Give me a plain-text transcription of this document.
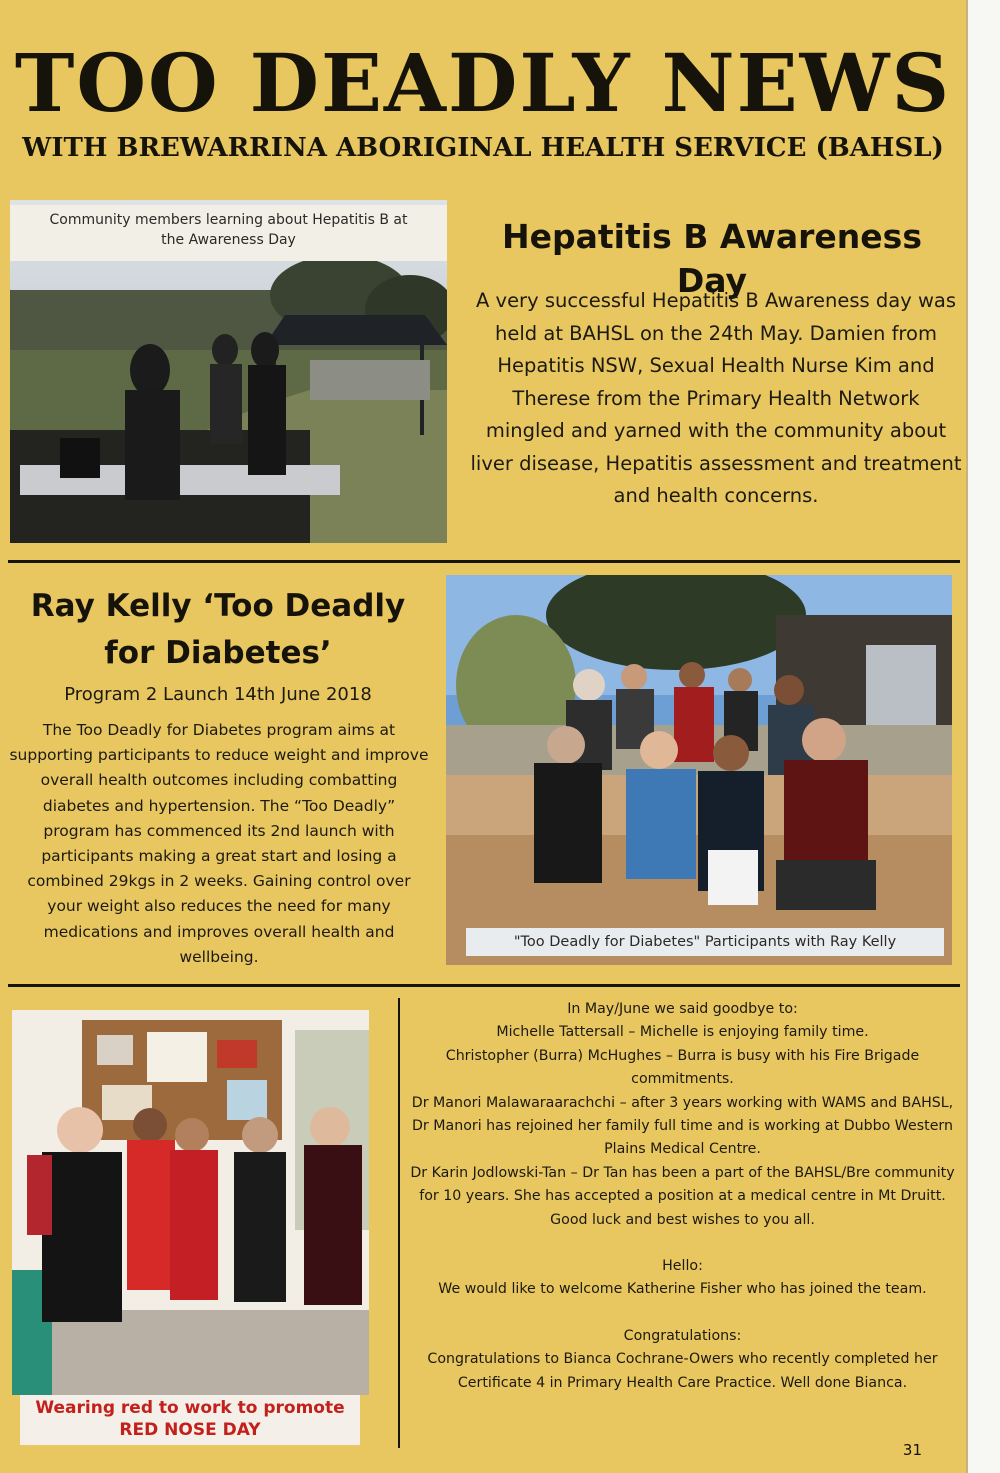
TOO DEADLY NEWS
WITH BREWARRINA ABORIGINAL HEALTH SERVICE (BAHSL)
Community members learning about Hepatitis B at
the Awareness Day	Hepatitis B Awareness Day

A very successful Hepatitis B Awareness day was held at BAHSL on the 24th May. Damien from Hepatitis NSW, Sexual Health Nurse Kim and Therese from the Primary Health Network mingled and yarned with the community about liver disease, Hepatitis assessment and treatment and health concerns.

Ray Kelly ‘Too Deadly
for Diabetes’
Program 2 Launch 14th June 2018

The Too Deadly for Diabetes program aims at supporting participants to reduce weight and improve overall health outcomes including combatting diabetes and hypertension. The “Too Deadly” program has commenced its 2nd launch with participants making a great start and losing a combined 29kgs in 2 weeks. Gaining control over your weight also reduces the need for many medications and improves overall health and wellbeing.

"Too Deadly for Diabetes" Participants with Ray Kelly
Wearing red to work to promote
RED NOSE DAY

In May/June we said goodbye to:

Michelle Tattersall – Michelle is enjoying family time.
Christopher (Burra) McHughes – Burra is busy with his Fire Brigade commitments.
Dr Manori Malawaraarachchi – after 3 years working with WAMS and BAHSL, Dr Manori has rejoined her family full time and is working at Dubbo Western Plains Medical Centre.
Dr Karin Jodlowski-Tan – Dr Tan has been a part of the BAHSL/Bre community for 10 years. She has accepted a position at a medical centre in Mt Druitt.

Good luck and best wishes to you all.

Hello:

We would like to welcome Katherine Fisher who has joined the team.

Congratulations:

Congratulations to Bianca Cochrane-Owers who recently completed her Certificate 4 in Primary Health Care Practice. Well done Bianca.

31
